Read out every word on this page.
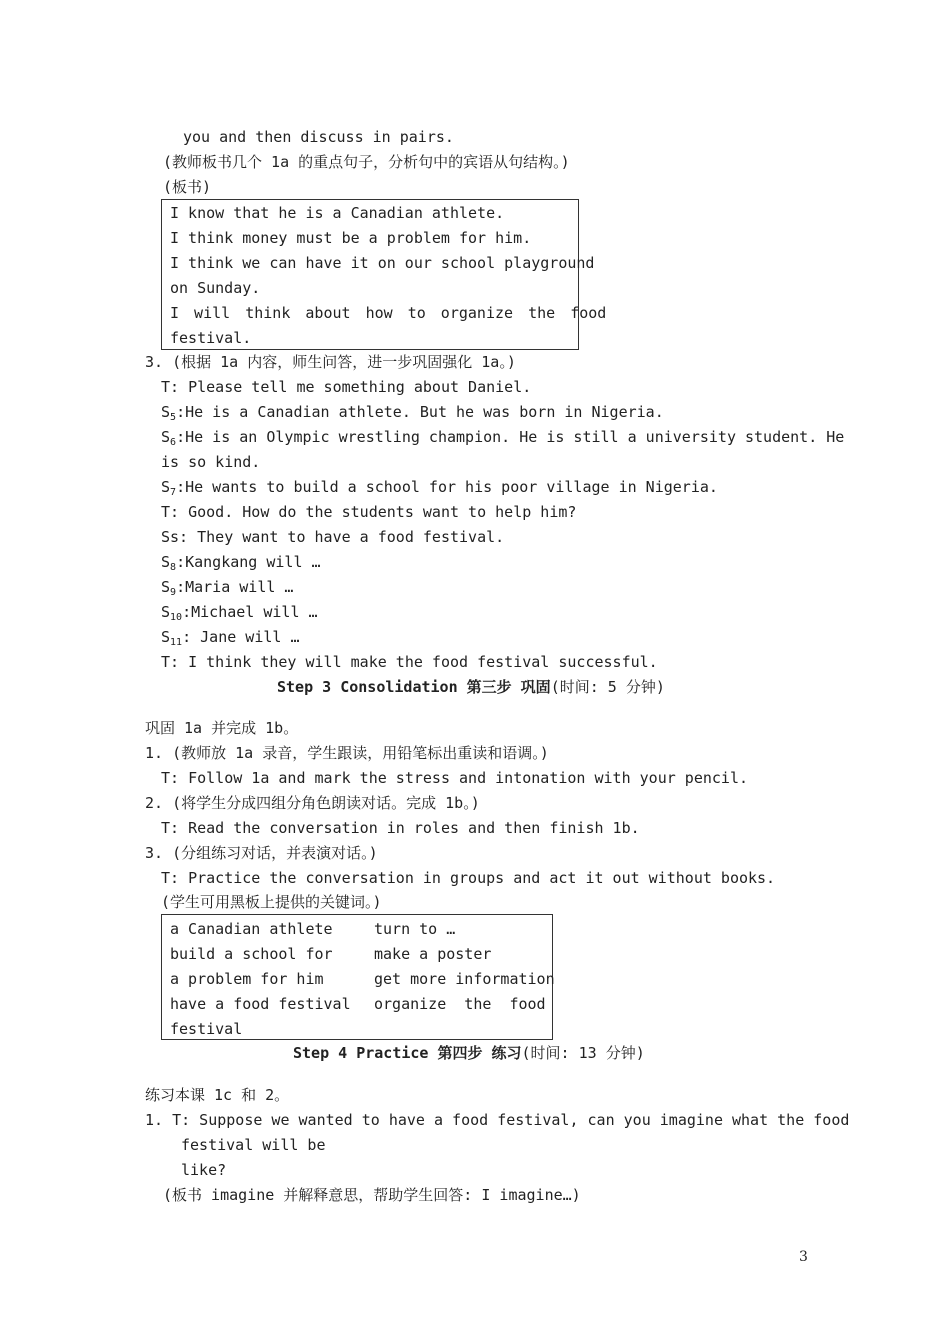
you and then discuss in pairs.
(教师板书几个 1a 的重点句子，分析句中的宾语从句结构。)
(板书)
I know that he is a Canadian athlete.
I think money must be a problem for him.
I think we can have it on our school playground
on Sunday.
I will think about how to organize the food
festival.
3. (根据 1a 内容，师生问答，进一步巩固强化 1a。)
T: Please tell me something about Daniel.
$S_5:He$ is a Canadian athlete. But he was born in Nigeria.
$S_6:He$ is an Olympic wrestling champion. He is still a university student. He
is so kind.
$S_7:He$ wants to build a school for his poor village in Nigeria.
T: Good. How do the students want to help him?
Ss: They want to have a food festival.
$S_8:Kangkang$ will …
$S_9:Maria$ will …
$S_{10}:Michael$ will …
$S_{11}$: Jane will …
T: I think they will make the food festival successful.
Step 3 Consolidation 第三步 巩固(时间: 5 分钟)
巩固 1a 并完成 1b。
1. (教师放 1a 录音，学生跟读，用铅笔标出重读和语调。)
T: Follow 1a and mark the stress and intonation with your pencil.
2. (将学生分成四组分角色朗读对话。完成 1b。)
T: Read the conversation in roles and then finish 1b.
3. (分组练习对话，并表演对话。)
T: Practice the conversation in groups and act it out without books.
(学生可用黑板上提供的关键词。)
a Canadian athlete
build a school for
a problem for him
have a food festival
festival
turn to …
make a poster
get more information
organize  the  food
Step 4 Practice 第四步 练习(时间: 13 分钟)
练习本课 1c 和 2。
1. T: Suppose we wanted to have a food festival, can you imagine what the food
festival will be
like?
(板书 imagine 并解释意思，帮助学生回答: I imagine…)
3
